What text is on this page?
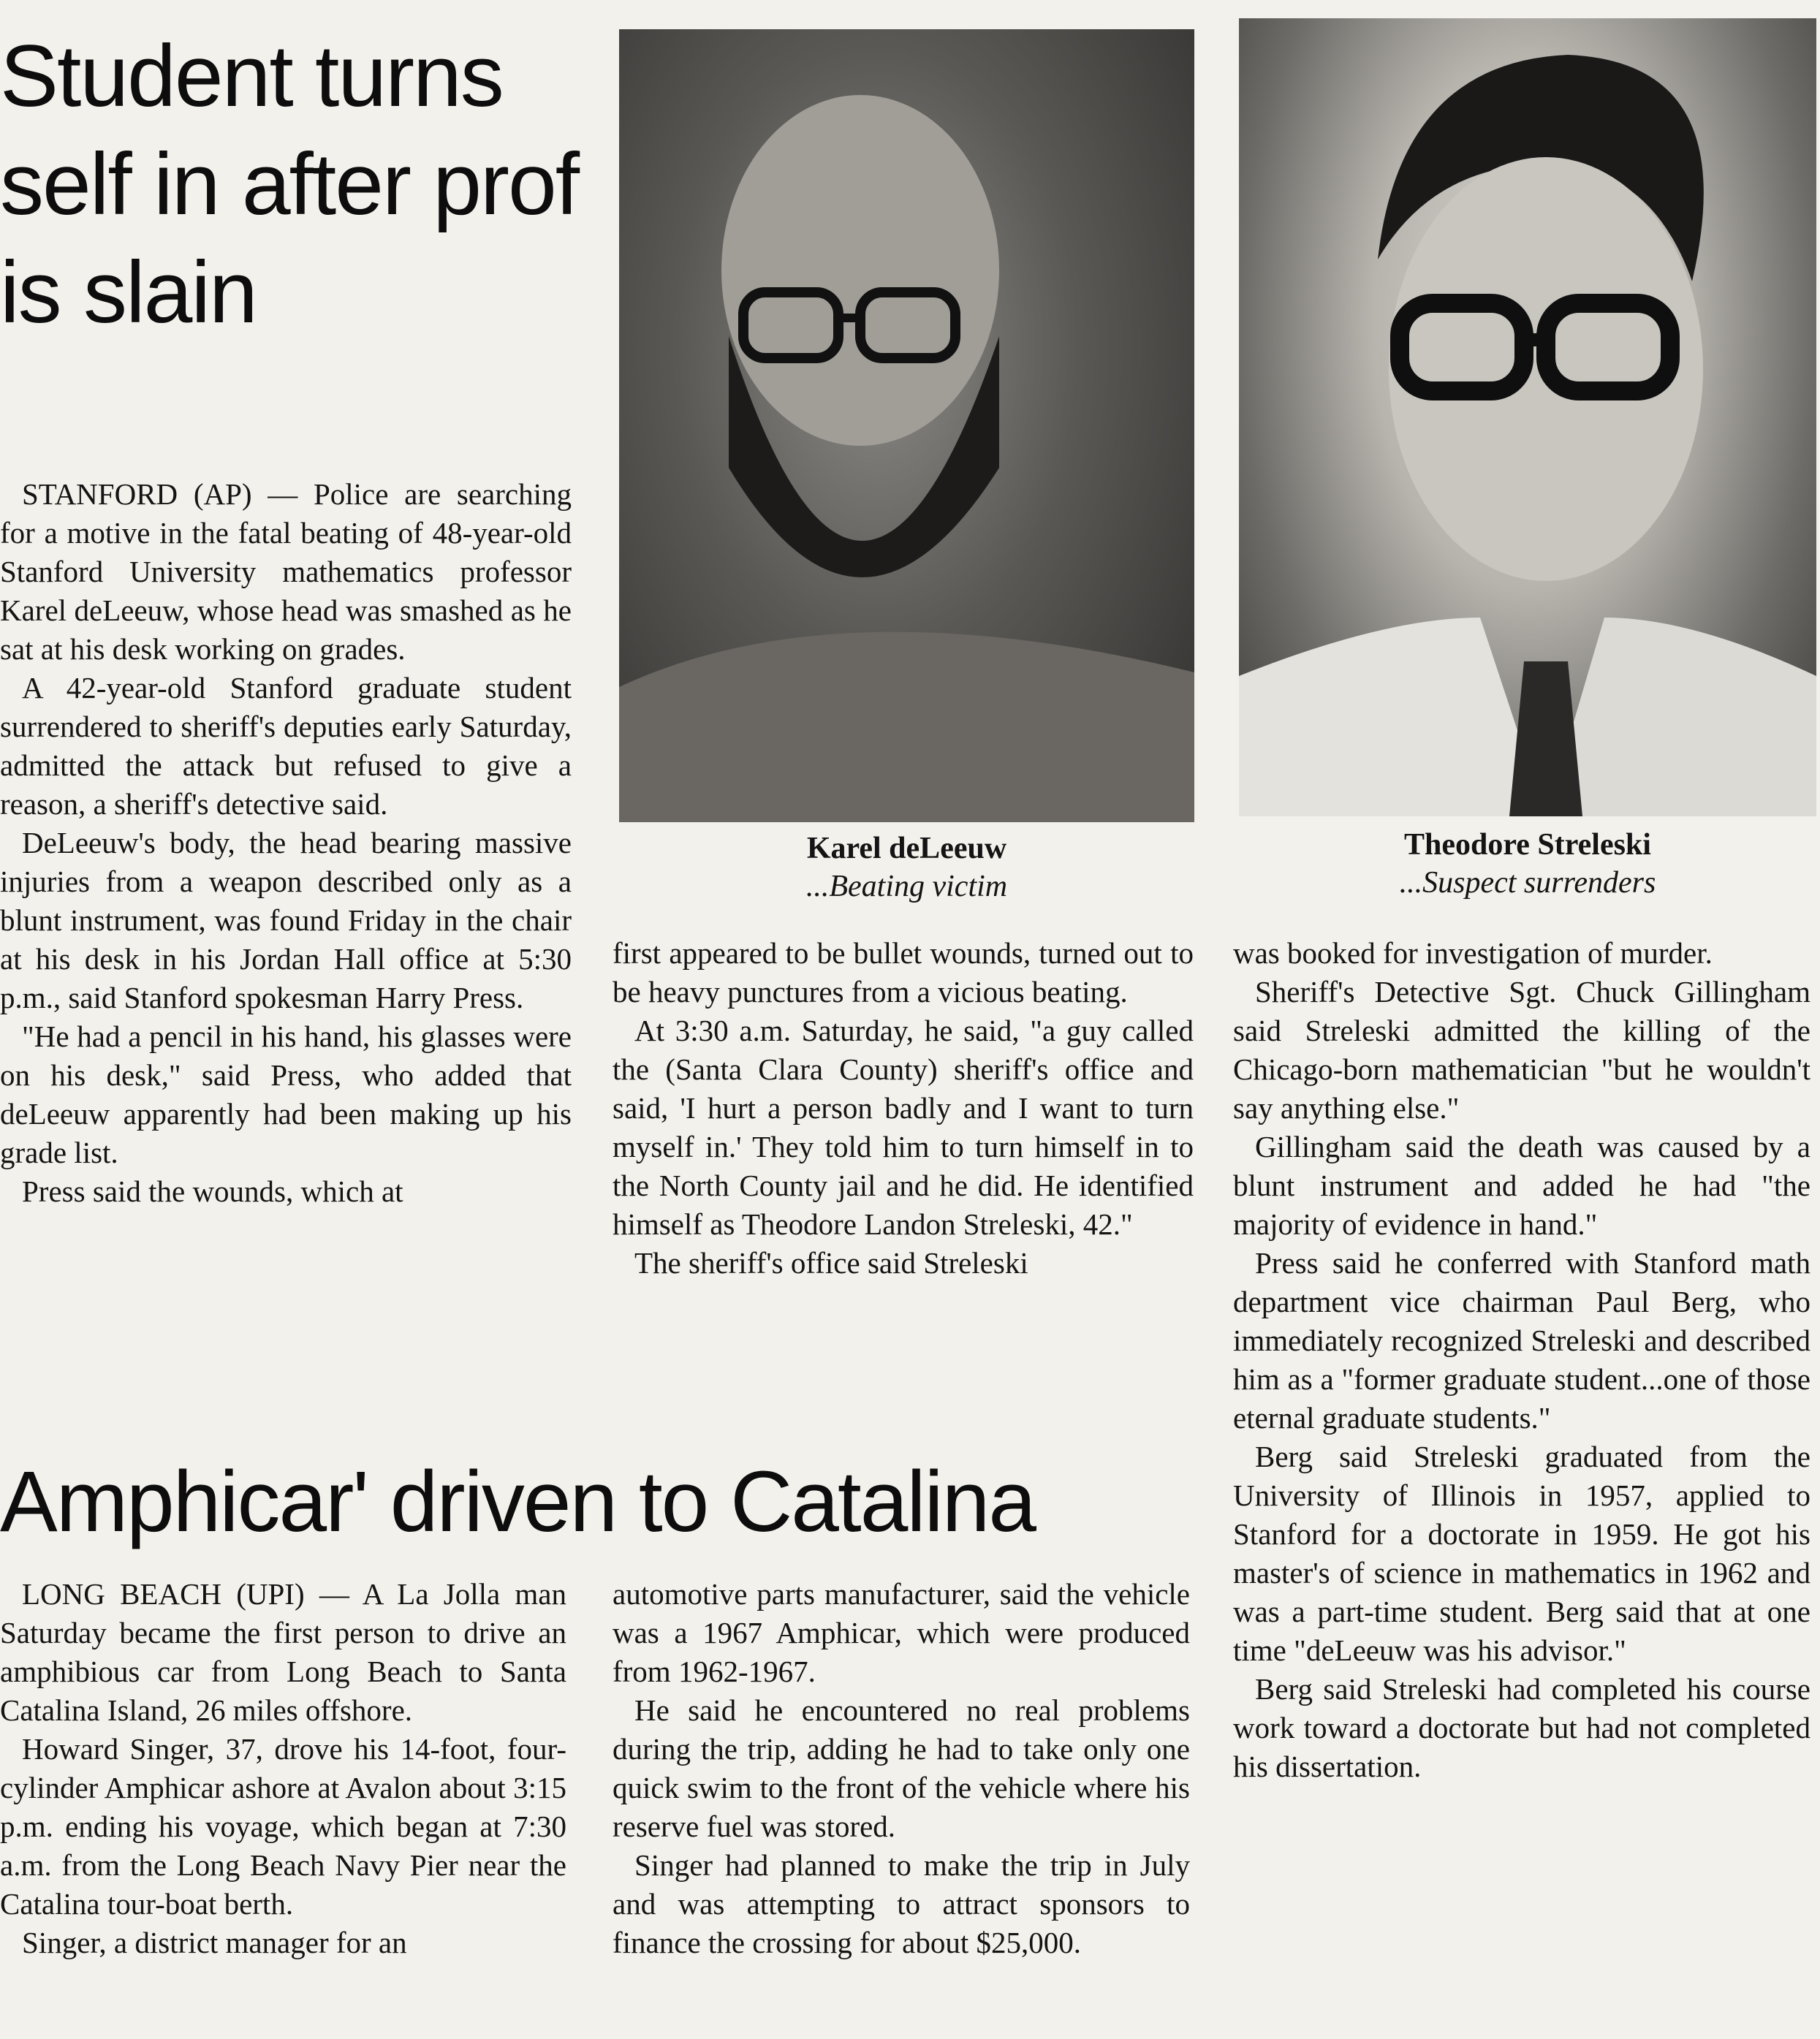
Student turns self in after prof is slain
Karel deLeeuw
...Beating victim
Theodore Streleski
...Suspect surrenders

STANFORD (AP) — Police are searching for a motive in the fatal beating of 48-year-old Stanford University mathematics professor Karel deLeeuw, whose head was smashed as he sat at his desk working on grades.

A 42-year-old Stanford graduate student surrendered to sheriff's deputies early Saturday, admitted the attack but refused to give a reason, a sheriff's detective said.

DeLeeuw's body, the head bearing massive injuries from a weapon described only as a blunt instrument, was found Friday in the chair at his desk in his Jordan Hall office at 5:30 p.m., said Stanford spokesman Harry Press.

"He had a pencil in his hand, his glasses were on his desk," said Press, who added that deLeeuw apparently had been making up his grade list.

Press said the wounds, which at

first appeared to be bullet wounds, turned out to be heavy punctures from a vicious beating.

At 3:30 a.m. Saturday, he said, "a guy called the (Santa Clara County) sheriff's office and said, 'I hurt a person badly and I want to turn myself in.' They told him to turn himself in to the North County jail and he did. He identified himself as Theodore Landon Streleski, 42."

The sheriff's office said Streleski

was booked for investigation of murder.

Sheriff's Detective Sgt. Chuck Gillingham said Streleski admitted the killing of the Chicago-born mathematician "but he wouldn't say anything else."

Gillingham said the death was caused by a blunt instrument and added he had "the majority of evidence in hand."

Press said he conferred with Stanford math department vice chairman Paul Berg, who immediately recognized Streleski and described him as a "former graduate student...one of those eternal graduate students."

Berg said Streleski graduated from the University of Illinois in 1957, applied to Stanford for a doctorate in 1959. He got his master's of science in mathematics in 1962 and was a part-time student. Berg said that at one time "deLeeuw was his advisor."

Berg said Streleski had completed his course work toward a doctorate but had not completed his dissertation.

Amphicar' driven to Catalina

LONG BEACH (UPI) — A La Jolla man Saturday became the first person to drive an amphibious car from Long Beach to Santa Catalina Island, 26 miles offshore.

Howard Singer, 37, drove his 14-foot, four-cylinder Amphicar ashore at Avalon about 3:15 p.m. ending his voyage, which began at 7:30 a.m. from the Long Beach Navy Pier near the Catalina tour-boat berth.

Singer, a district manager for an

automotive parts manufacturer, said the vehicle was a 1967 Amphicar, which were produced from 1962-1967.

He said he encountered no real problems during the trip, adding he had to take only one quick swim to the front of the vehicle where his reserve fuel was stored.

Singer had planned to make the trip in July and was attempting to attract sponsors to finance the crossing for about $25,000.
